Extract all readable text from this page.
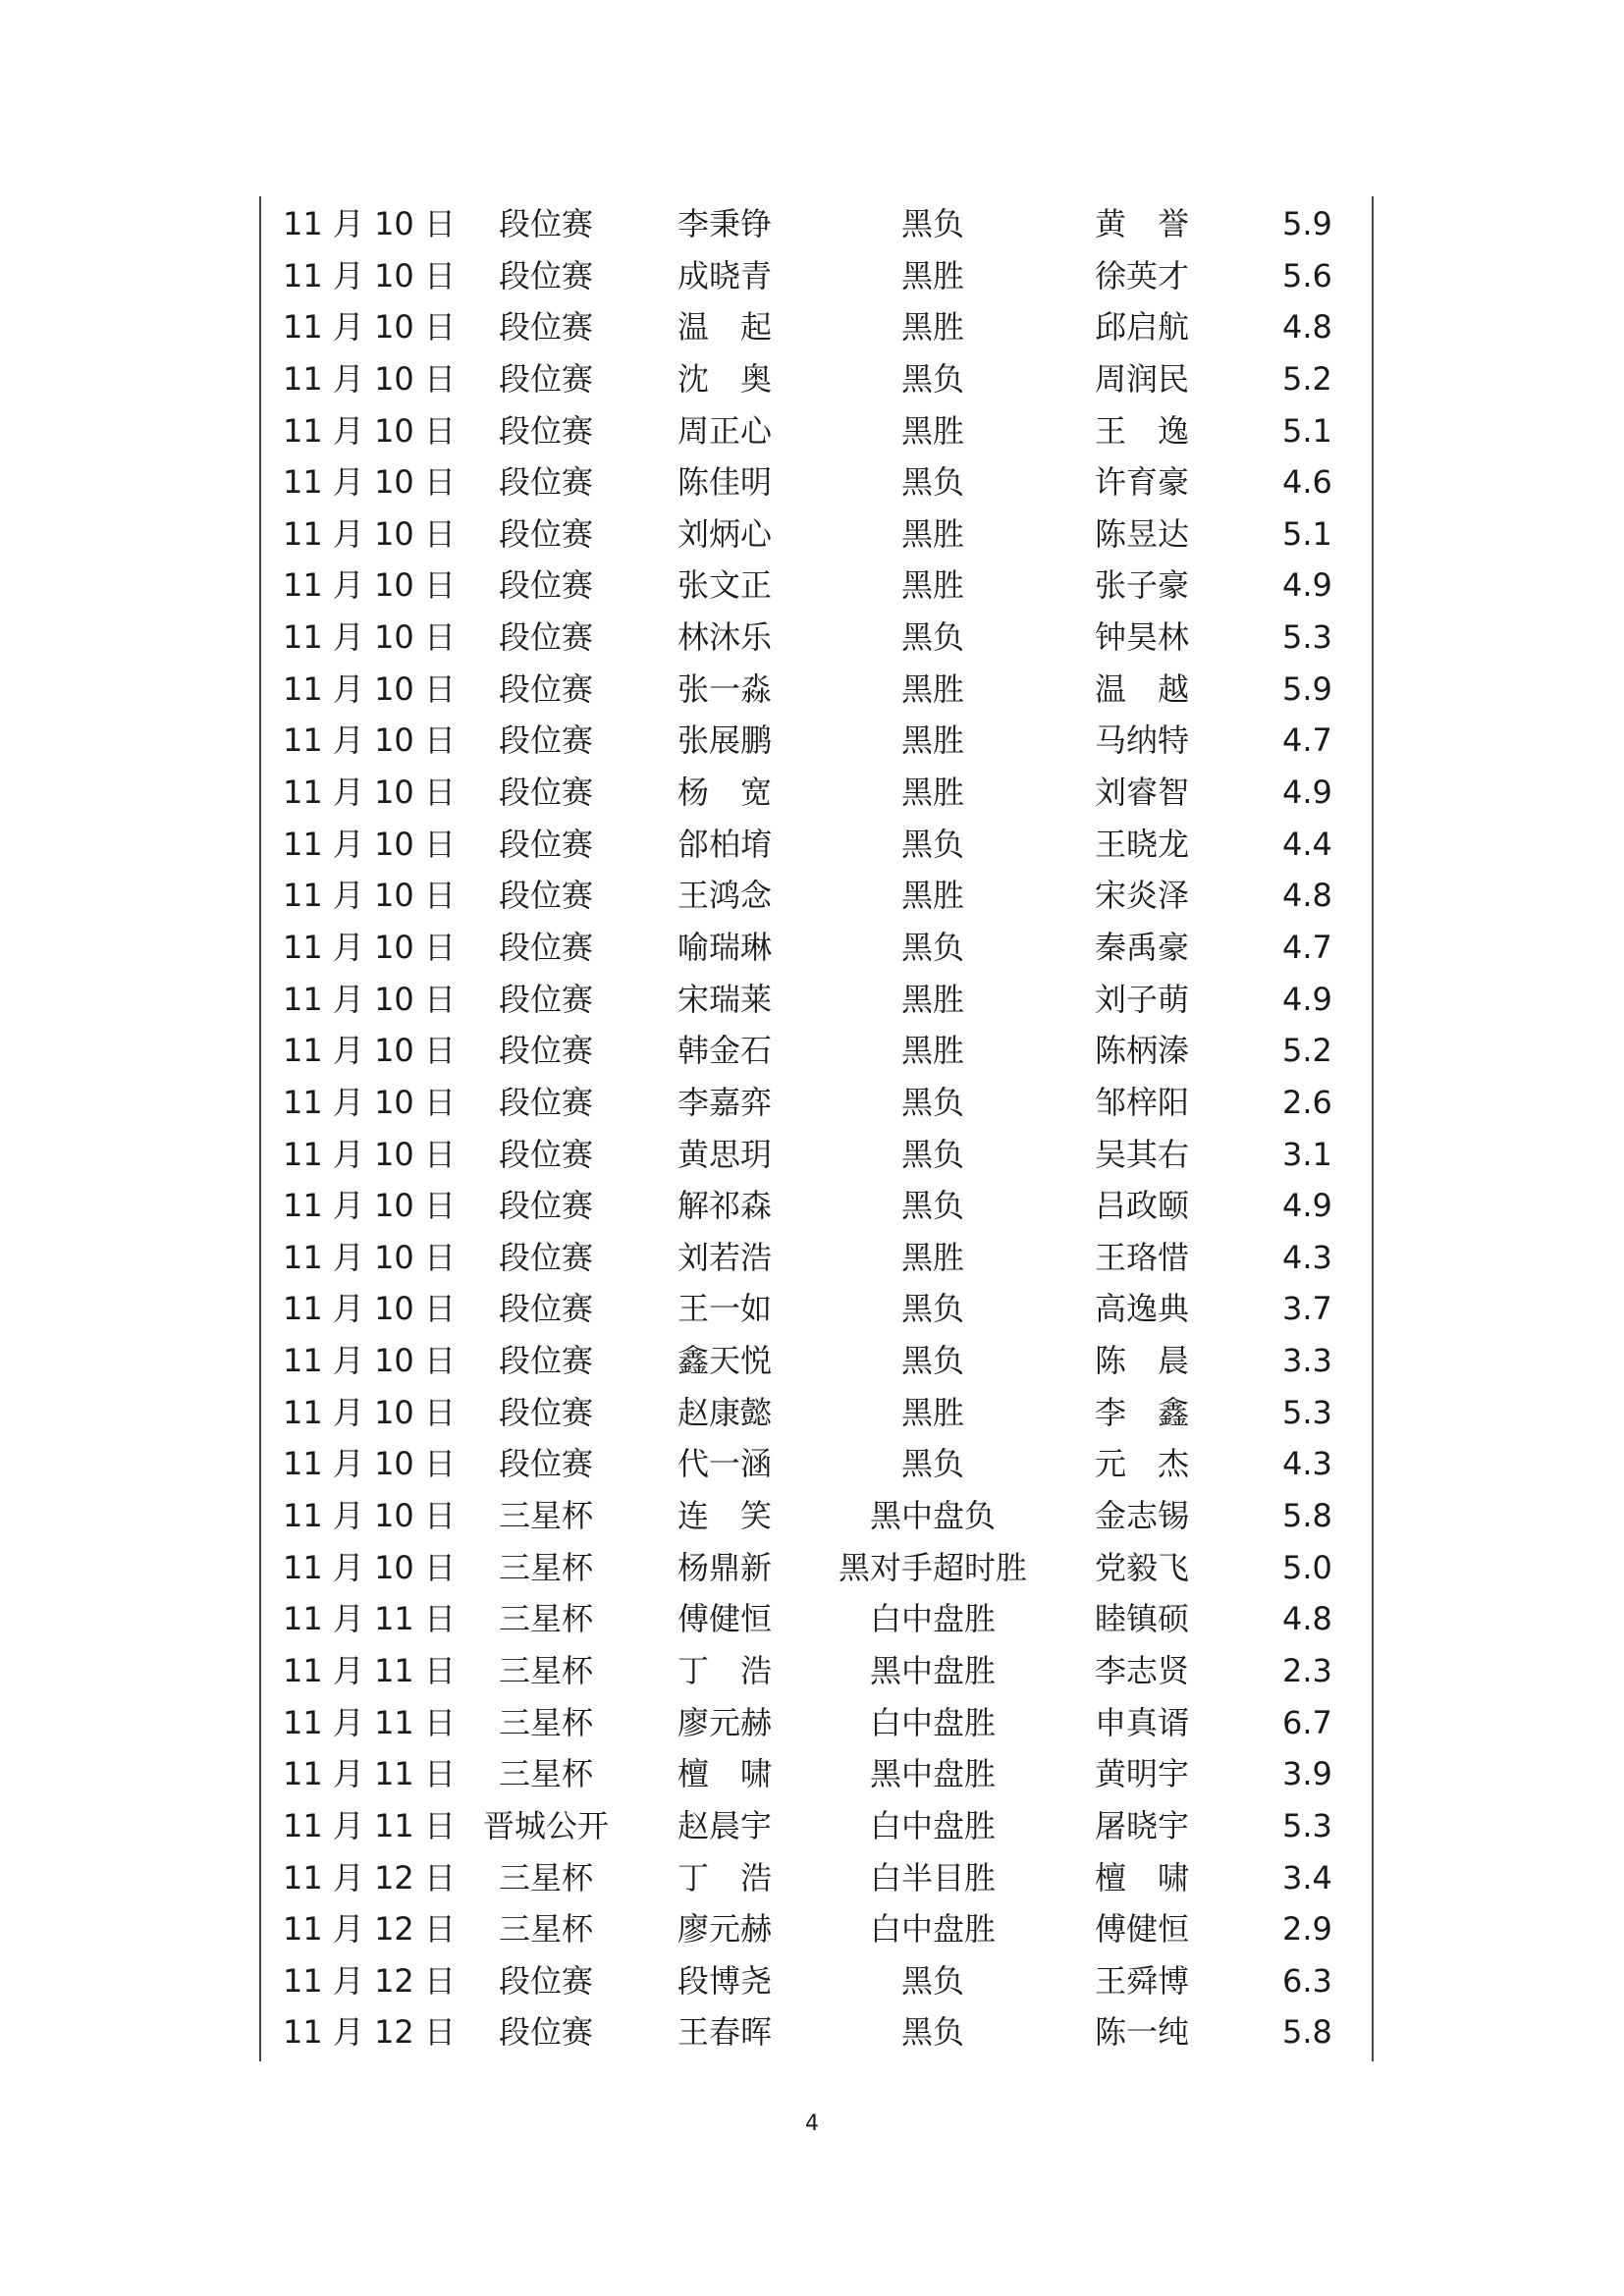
11 月 10 日	段位赛	李秉铮	黑负	黄　誉	5.9
11 月 10 日	段位赛	成晓青	黑胜	徐英才	5.6
11 月 10 日	段位赛	温　起	黑胜	邱启航	4.8
11 月 10 日	段位赛	沈　奥	黑负	周润民	5.2
11 月 10 日	段位赛	周正心	黑胜	王　逸	5.1
11 月 10 日	段位赛	陈佳明	黑负	许育豪	4.6
11 月 10 日	段位赛	刘炳心	黑胜	陈昱达	5.1
11 月 10 日	段位赛	张文正	黑胜	张子豪	4.9
11 月 10 日	段位赛	林沐乐	黑负	钟昊林	5.3
11 月 10 日	段位赛	张一淼	黑胜	温　越	5.9
11 月 10 日	段位赛	张展鹏	黑胜	马纳特	4.7
11 月 10 日	段位赛	杨　宽	黑胜	刘睿智	4.9
11 月 10 日	段位赛	郃柏堉	黑负	王晓龙	4.4
11 月 10 日	段位赛	王鸿念	黑胜	宋炎泽	4.8
11 月 10 日	段位赛	喻瑞琳	黑负	秦禹豪	4.7
11 月 10 日	段位赛	宋瑞莱	黑胜	刘子萌	4.9
11 月 10 日	段位赛	韩金石	黑胜	陈柄溱	5.2
11 月 10 日	段位赛	李嘉弈	黑负	邹梓阳	2.6
11 月 10 日	段位赛	黄思玥	黑负	吴其右	3.1
11 月 10 日	段位赛	解祁森	黑负	吕政颐	4.9
11 月 10 日	段位赛	刘若浩	黑胜	王珞惜	4.3
11 月 10 日	段位赛	王一如	黑负	高逸典	3.7
11 月 10 日	段位赛	鑫天悦	黑负	陈　晨	3.3
11 月 10 日	段位赛	赵康懿	黑胜	李　鑫	5.3
11 月 10 日	段位赛	代一涵	黑负	元　杰	4.3
11 月 10 日	三星杯	连　笑	黑中盘负	金志锡	5.8
11 月 10 日	三星杯	杨鼎新	黑对手超时胜	党毅飞	5.0
11 月 11 日	三星杯	傅健恒	白中盘胜	睦镇硕	4.8
11 月 11 日	三星杯	丁　浩	黑中盘胜	李志贤	2.3
11 月 11 日	三星杯	廖元赫	白中盘胜	申真谞	6.7
11 月 11 日	三星杯	檀　啸	黑中盘胜	黄明宇	3.9
11 月 11 日 晋城公开	赵晨宇	白中盘胜	屠晓宇	5.3
11 月 12 日	三星杯	丁　浩	白半目胜	檀　啸	3.4
11 月 12 日	三星杯	廖元赫	白中盘胜	傅健恒	2.9
11 月 12 日	段位赛	段博尧	黑负	王舜博	6.3
11 月 12 日	段位赛	王春晖	黑负	陈一纯	5.8
4
